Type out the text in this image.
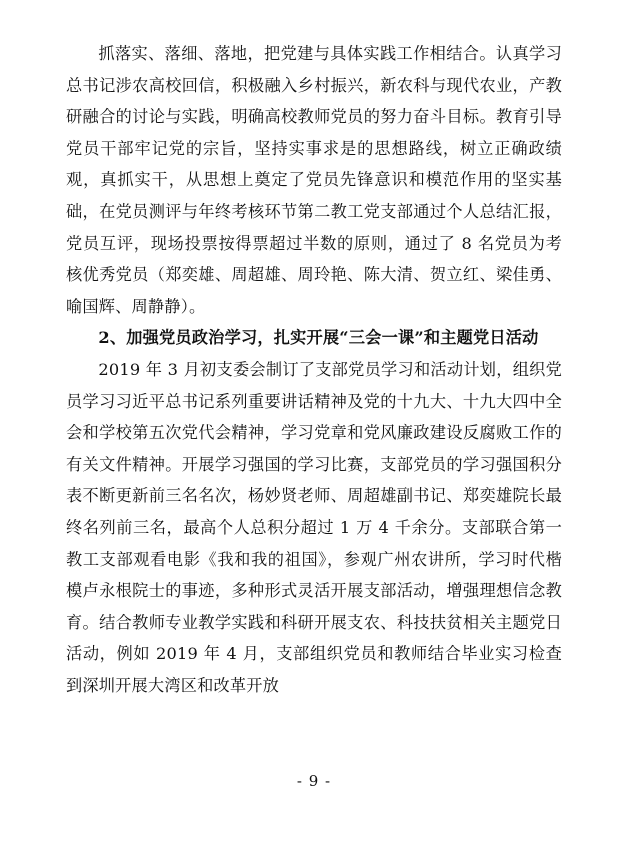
抓落实、落细、落地，把党建与具体实践工作相结合。认真学习总书记涉农高校回信，积极融入乡村振兴，新农科与现代农业，产教研融合的讨论与实践，明确高校教师党员的努力奋斗目标。教育引导党员干部牢记党的宗旨，坚持实事求是的思想路线，树立正确政绩观，真抓实干，从思想上奠定了党员先锋意识和模范作用的坚实基础，在党员测评与年终考核环节第二教工党支部通过个人总结汇报，党员互评，现场投票按得票超过半数的原则，通过了 8 名党员为考核优秀党员（郑奕雄、周超雄、周玲艳、陈大清、贺立红、梁佳勇、喻国辉、周静静）。

2、加强党员政治学习，扎实开展“三会一课”和主题党日活动

2019 年 3 月初支委会制订了支部党员学习和活动计划，组织党员学习习近平总书记系列重要讲话精神及党的十九大、十九大四中全会和学校第五次党代会精神，学习党章和党风廉政建设反腐败工作的有关文件精神。开展学习强国的学习比赛，支部党员的学习强国积分表不断更新前三名名次，杨妙贤老师、周超雄副书记、郑奕雄院长最终名列前三名，最高个人总积分超过 1 万 4 千余分。支部联合第一教工支部观看电影《我和我的祖国》，参观广州农讲所，学习时代楷模卢永根院士的事迹，多种形式灵活开展支部活动，增强理想信念教育。结合教师专业教学实践和科研开展支农、科技扶贫相关主题党日活动，例如 2019 年 4 月，支部组织党员和教师结合毕业实习检查到深圳开展大湾区和改革开放

- 9 -
